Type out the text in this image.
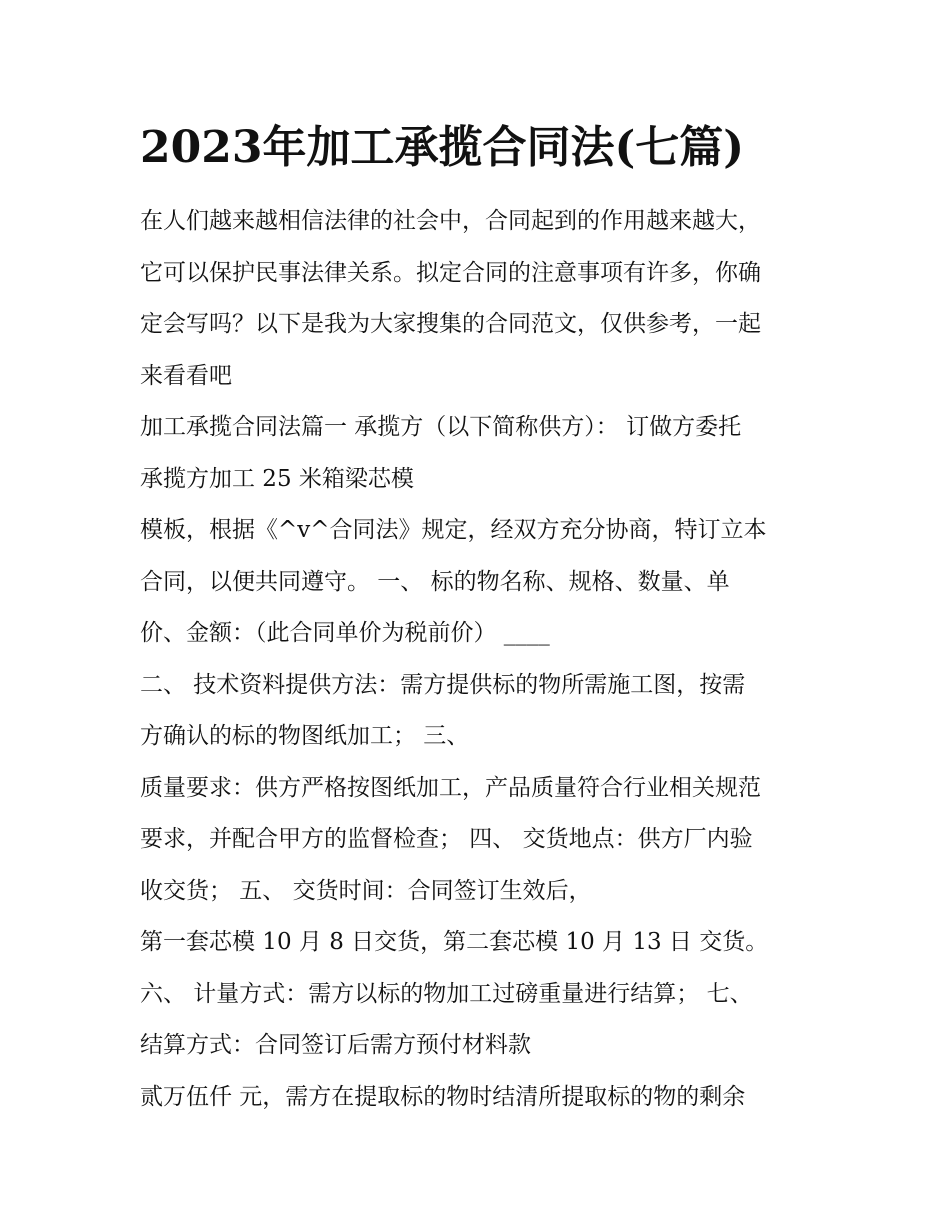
2023年加工承揽合同法(七篇)
在人们越来越相信法律的社会中，合同起到的作用越来越大，
它可以保护民事法律关系。拟定合同的注意事项有许多，你确
定会写吗？以下是我为大家搜集的合同范文，仅供参考，一起
来看看吧
加工承揽合同法篇一 承揽方（以下简称供方）： 订做方委托
承揽方加工 25 米箱梁芯模
模板，根据《^v^合同法》规定，经双方充分协商，特订立本
合同，以便共同遵守。 一、 标的物名称、规格、数量、单
价、金额：（此合同单价为税前价） ____
二、 技术资料提供方法：需方提供标的物所需施工图，按需
方确认的标的物图纸加工； 三、
质量要求：供方严格按图纸加工，产品质量符合行业相关规范
要求，并配合甲方的监督检查； 四、 交货地点：供方厂内验
收交货； 五、 交货时间：合同签订生效后，
第一套芯模 10 月 8 日交货，第二套芯模 10 月 13 日 交货。
六、 计量方式：需方以标的物加工过磅重量进行结算； 七、
结算方式：合同签订后需方预付材料款
贰万伍仟 元，需方在提取标的物时结清所提取标的物的剩余
